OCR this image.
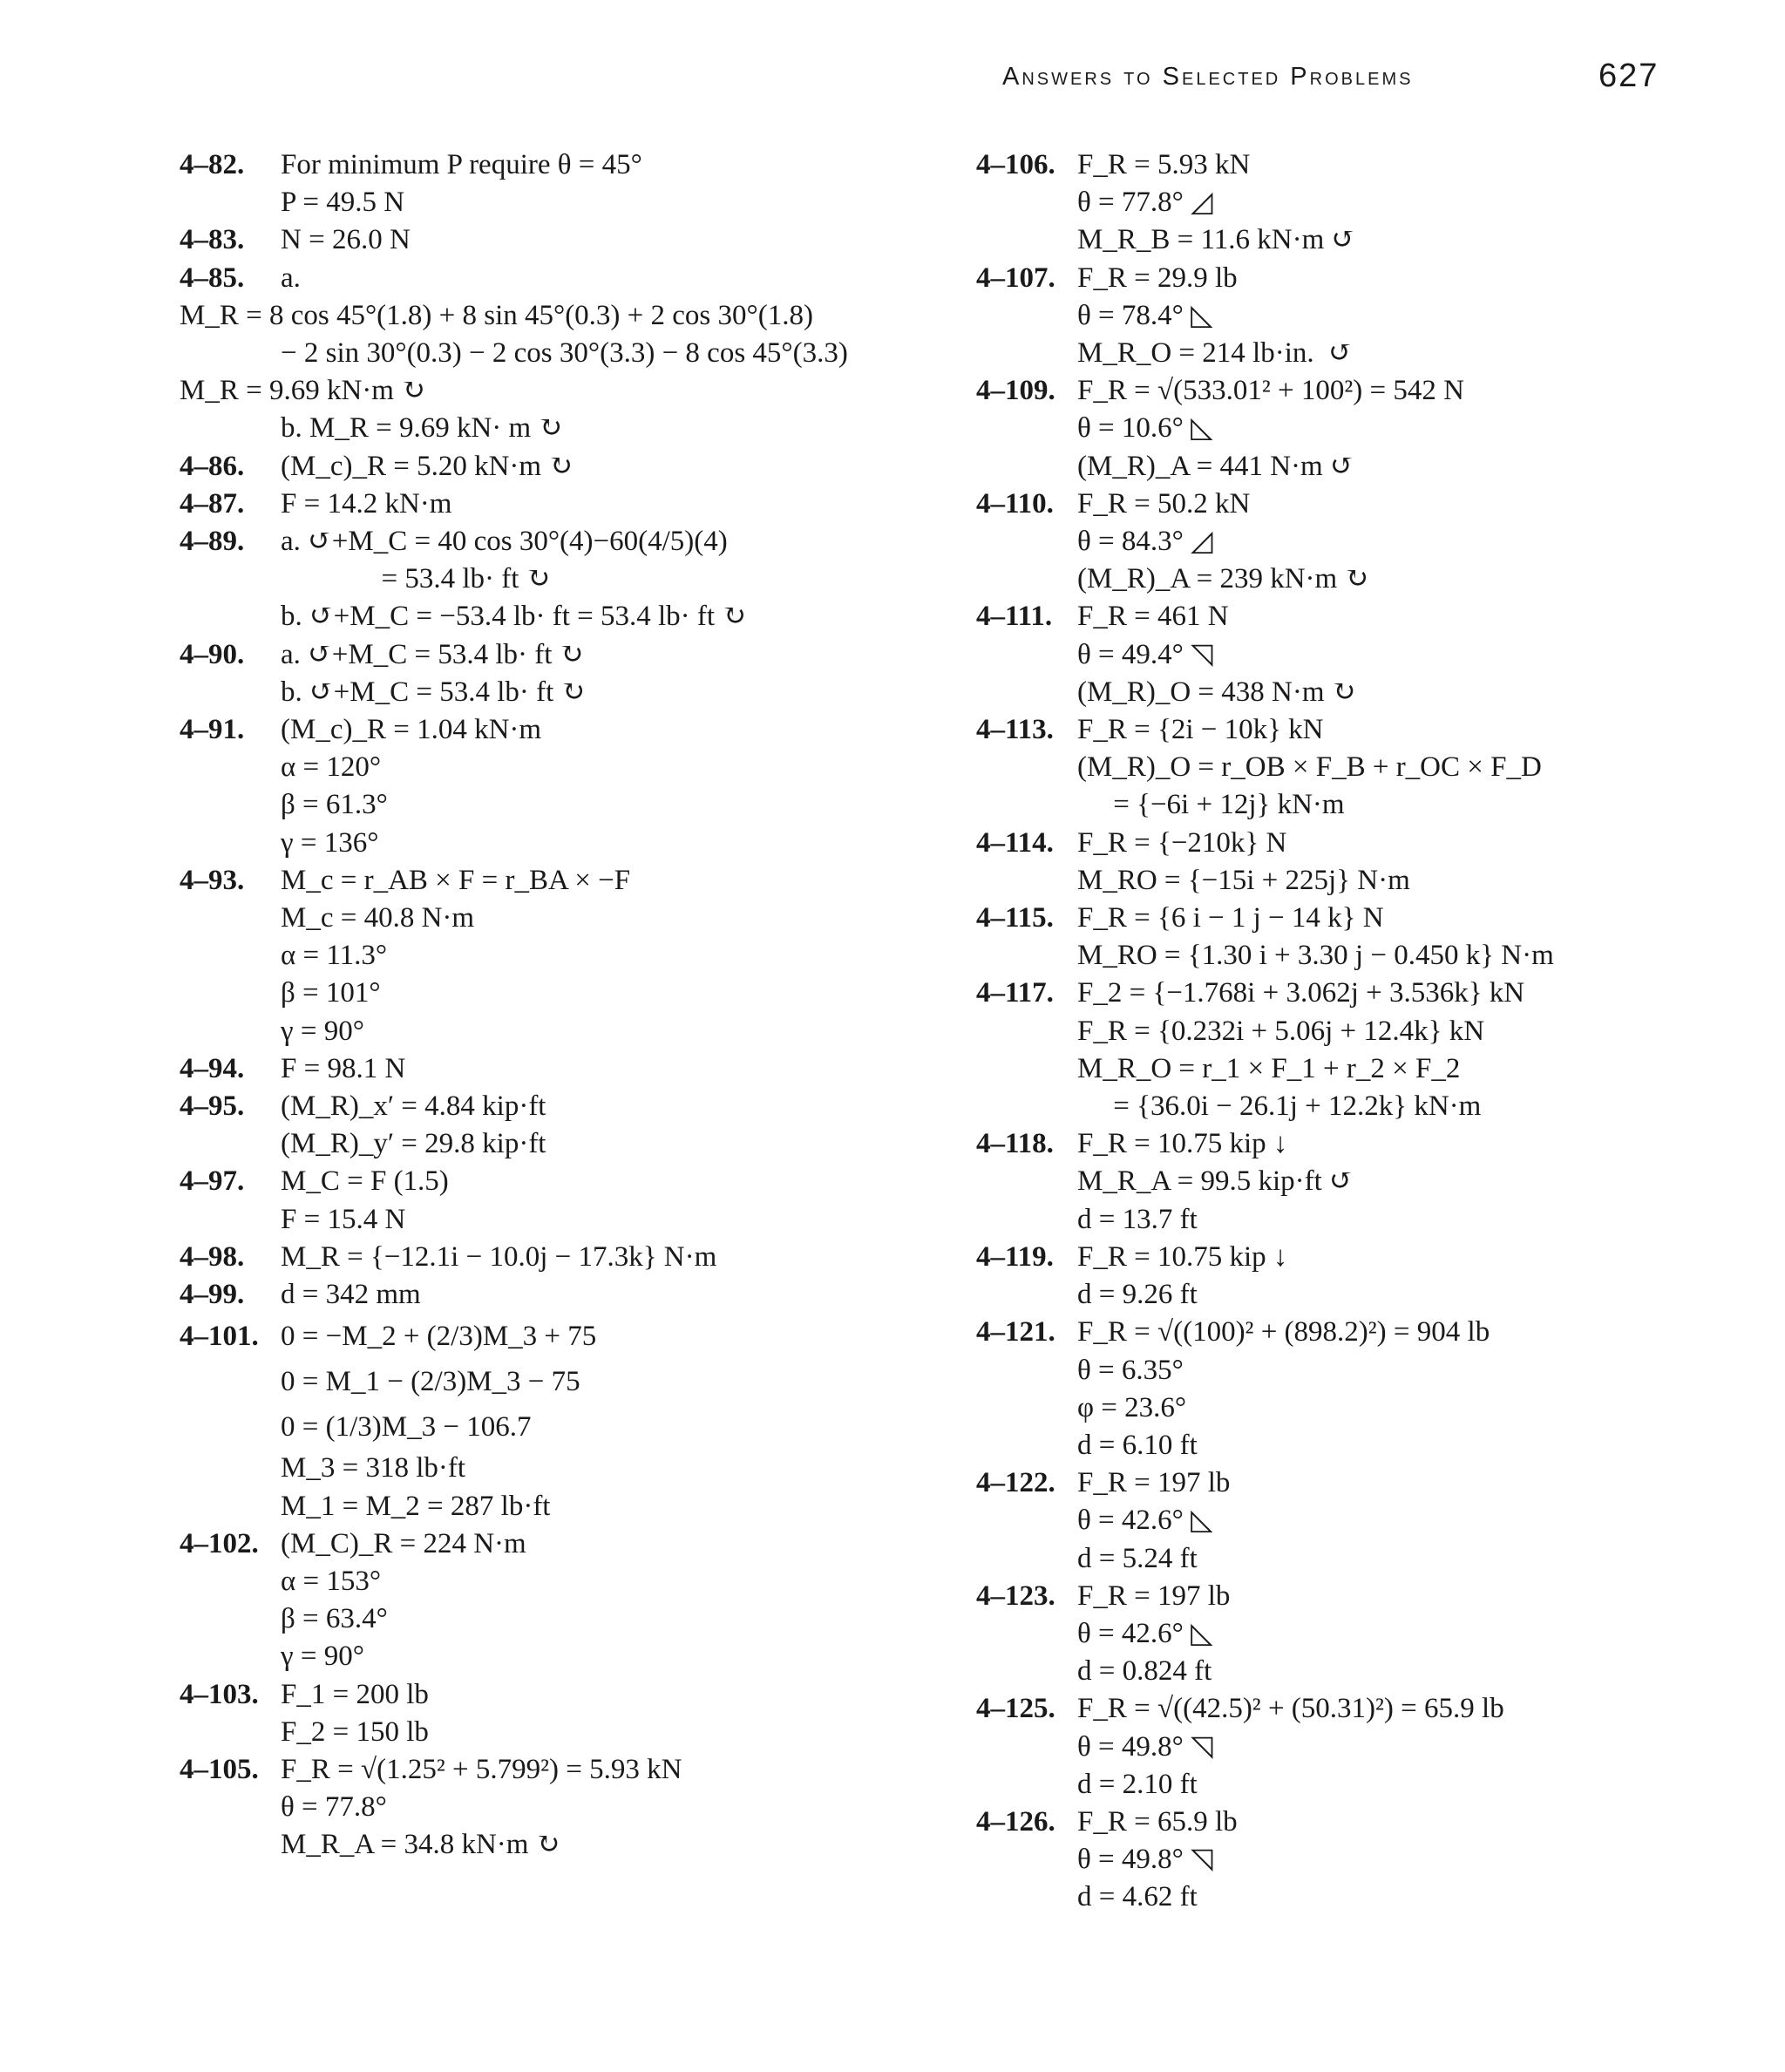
Answers to Selected Problems	627
4–82.	For minimum P require θ = 45°
P = 49.5 N
4–83.	N = 26.0 N
4–85.	a.
M_R = 8 cos 45°(1.8) + 8 sin 45°(0.3) + 2 cos 30°(1.8)
− 2 sin 30°(0.3) − 2 cos 30°(3.3) − 8 cos 45°(3.3)
M_R = 9.69 kN·m ↻
b. M_R = 9.69 kN· m ↻
4–86.	(M_c)_R = 5.20 kN·m ↻
4–87.	F = 14.2 kN·m
4–89.	a. ↺+M_C = 40 cos 30°(4)−60(4/5)(4)
= 53.4 lb· ft ↻
b. ↺+M_C = −53.4 lb· ft = 53.4 lb· ft ↻
4–90.	a. ↺+M_C = 53.4 lb· ft ↻
b. ↺+M_C = 53.4 lb· ft ↻
4–91.	(M_c)_R = 1.04 kN·m
α = 120°
β = 61.3°
γ = 136°
4–93.	M_c = r_AB × F = r_BA × −F
M_c = 40.8 N·m
α = 11.3°
β = 101°
γ = 90°
4–94.	F = 98.1 N
4–95.	(M_R)_x′ = 4.84 kip·ft
(M_R)_y′ = 29.8 kip·ft
4–97.	M_C = F (1.5)
F = 15.4 N
4–98.	M_R = {−12.1i − 10.0j − 17.3k} N·m
4–99.	d = 342 mm
4–101. 0 = −M_2 + (2/3)M_3 + 75
0 = M_1 − (2/3)M_3 − 75
0 = (1/3)M_3 − 106.7
M_3 = 318 lb·ft
M_1 = M_2 = 287 lb·ft
4–102. (M_C)_R = 224 N·m
α = 153°
β = 63.4°
γ = 90°
4–103. F_1 = 200 lb
F_2 = 150 lb
4–105. F_R = √(1.25² + 5.799²) = 5.93 kN
θ = 77.8°
M_R_A = 34.8 kN·m ↻
4–106. F_R = 5.93 kN
θ = 77.8° ◿
M_R_B = 11.6 kN·m ↺
4–107. F_R = 29.9 lb
θ = 78.4° ◺
M_R_O = 214 lb·in.  ↺
4–109. F_R = √(533.01² + 100²) = 542 N
θ = 10.6° ◺
(M_R)_A = 441 N·m ↺
4–110. F_R = 50.2 kN
θ = 84.3° ◿
(M_R)_A = 239 kN·m ↻
4–111. F_R = 461 N
θ = 49.4° ◹
(M_R)_O = 438 N·m ↻
4–113. F_R = {2i − 10k} kN
(M_R)_O = r_OB × F_B + r_OC × F_D
= {−6i + 12j} kN·m
4–114. F_R = {−210k} N
M_RO = {−15i + 225j} N·m
4–115. F_R = {6 i − 1 j − 14 k} N
M_RO = {1.30 i + 3.30 j − 0.450 k} N·m
4–117. F_2 = {−1.768i + 3.062j + 3.536k} kN
F_R = {0.232i + 5.06j + 12.4k} kN
M_R_O = r_1 × F_1 + r_2 × F_2
= {36.0i − 26.1j + 12.2k} kN·m
4–118. F_R = 10.75 kip ↓
M_R_A = 99.5 kip·ft ↺
d = 13.7 ft
4–119. F_R = 10.75 kip ↓
d = 9.26 ft
4–121. F_R = √((100)² + (898.2)²) = 904 lb
θ = 6.35°
φ = 23.6°
d = 6.10 ft
4–122. F_R = 197 lb
θ = 42.6° ◺
d = 5.24 ft
4–123. F_R = 197 lb
θ = 42.6° ◺
d = 0.824 ft
4–125. F_R = √((42.5)² + (50.31)²) = 65.9 lb
θ = 49.8° ◹
d = 2.10 ft
4–126. F_R = 65.9 lb
θ = 49.8° ◹
d = 4.62 ft
